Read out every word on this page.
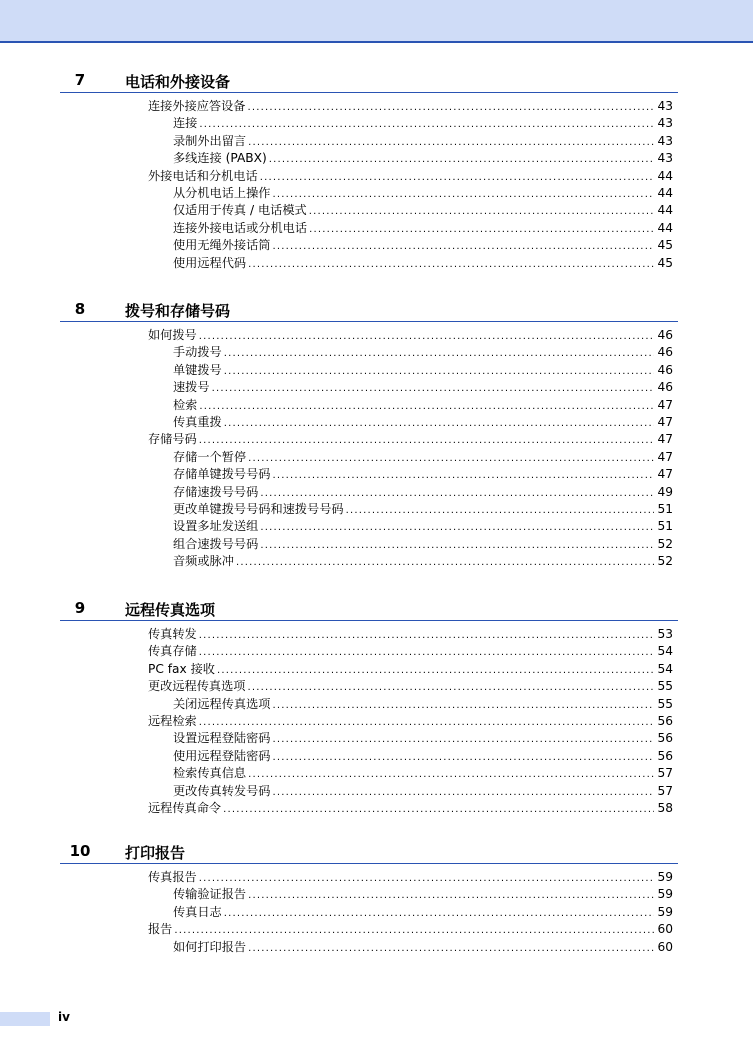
7	电话和外接设备
连接外接应答设备 .....	43
连接 .....	43
录制外出留言 .....	43
多线连接 (PABX) .....	43
外接电话和分机电话 .....	44
从分机电话上操作 .....	44
仅适用于传真 / 电话模式 .....	44
连接外接电话或分机电话 .....	44
使用无绳外接话筒 .....	45
使用远程代码 .....	45
8	拨号和存储号码
如何拨号 .....	46
手动拨号 .....	46
单键拨号 .....	46
速拨号 .....	46
检索 .....	47
传真重拨 .....	47
存储号码 .....	47
存储一个暂停 .....	47
存储单键拨号号码 .....	47
存储速拨号号码 .....	49
更改单键拨号号码和速拨号号码 .....	51
设置多址发送组 .....	51
组合速拨号号码 .....	52
音频或脉冲 .....	52
9	远程传真选项
传真转发 .....	53
传真存储 .....	54
PC fax 接收 .....	54
更改远程传真选项 .....	55
关闭远程传真选项 .....	55
远程检索 .....	56
设置远程登陆密码 .....	56
使用远程登陆密码 .....	56
检索传真信息 .....	57
更改传真转发号码 .....	57
远程传真命令 .....	58
10	打印报告
传真报告 .....	59
传输验证报告 .....	59
传真日志 .....	59
报告 .....	60
如何打印报告 .....	60
iv
